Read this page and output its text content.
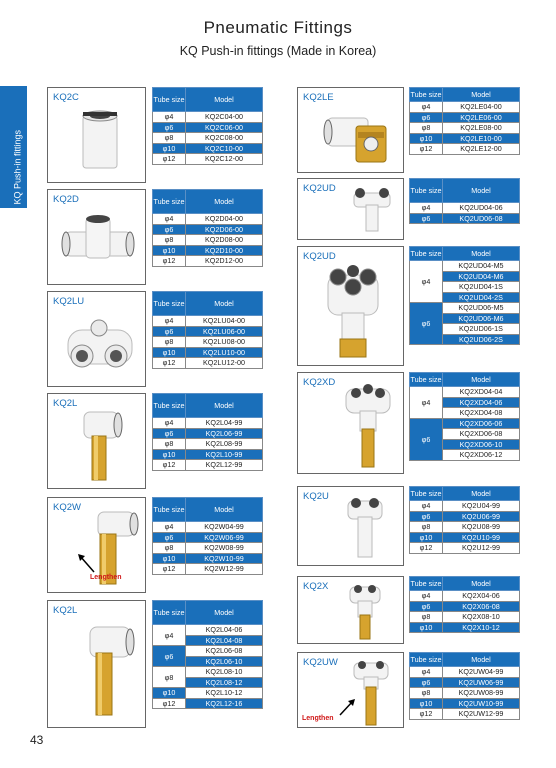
Pneumatic Fittings
KQ Push-in fittings (Made in Korea)
KQ Push-in fittings
43
KQ2C	Tube size	Model
φ4	KQ2C04-00
φ6	KQ2C06-00
φ8	KQ2C08-00
φ10	KQ2C10-00
φ12	KQ2C12-00
KQ2D	Tube size	Model
φ4	KQ2D04-00
φ6	KQ2D06-00
φ8	KQ2D08-00
φ10	KQ2D10-00
φ12	KQ2D12-00
KQ2LU	Tube size	Model
φ4	KQ2LU04-00
φ6	KQ2LU06-00
φ8	KQ2LU08-00
φ10	KQ2LU10-00
φ12	KQ2LU12-00
KQ2L	Tube size	Model
φ4	KQ2L04-99
φ6	KQ2L06-99
φ8	KQ2L08-99
φ10	KQ2L10-99
φ12	KQ2L12-99
KQ2W
Lengthen
Tube size	Model
φ4	KQ2W04-99
φ6	KQ2W06-99
φ8	KQ2W08-99
φ10	KQ2W10-99
φ12	KQ2W12-99
KQ2L	Tube size	Model
φ4	KQ2L04-06
	KQ2L04-08
φ6	KQ2L06-08
	KQ2L06-10
φ8	KQ2L08-10
	KQ2L08-12
φ10	KQ2L10-12
φ12	KQ2L12-16
KQ2LE	Tube size	Model
φ4	KQ2LE04-00
φ6	KQ2LE06-00
φ8	KQ2LE08-00
φ10	KQ2LE10-00
φ12	KQ2LE12-00
KQ2UD	Tube size	Model
φ4	KQ2UD04-06
φ6	KQ2UD06-08
KQ2UD	Tube size	Model
φ4	KQ2UD04-M5
	KQ2UD04-M6
	KQ2UD04-1S
	KQ2UD04-2S
φ6	KQ2UD06-M5
	KQ2UD06-M6
	KQ2UD06-1S
	KQ2UD06-2S
KQ2XD	Tube size	Model
φ4	KQ2XD04-04
	KQ2XD04-06
	KQ2XD04-08
φ6	KQ2XD06-06
	KQ2XD06-08
	KQ2XD06-10
	KQ2XD06-12
KQ2U	Tube size	Model
φ4	KQ2U04-99
φ6	KQ2U06-99
φ8	KQ2U08-99
φ10	KQ2U10-99
φ12	KQ2U12-99
KQ2X	Tube size	Model
φ4	KQ2X04-06
φ6	KQ2X06-08
φ8	KQ2X08-10
φ10	KQ2X10-12
KQ2UW
Lengthen
Tube size	Model
φ4	KQ2UW04-99
φ6	KQ2UW06-99
φ8	KQ2UW08-99
φ10	KQ2UW10-99
φ12	KQ2UW12-99
